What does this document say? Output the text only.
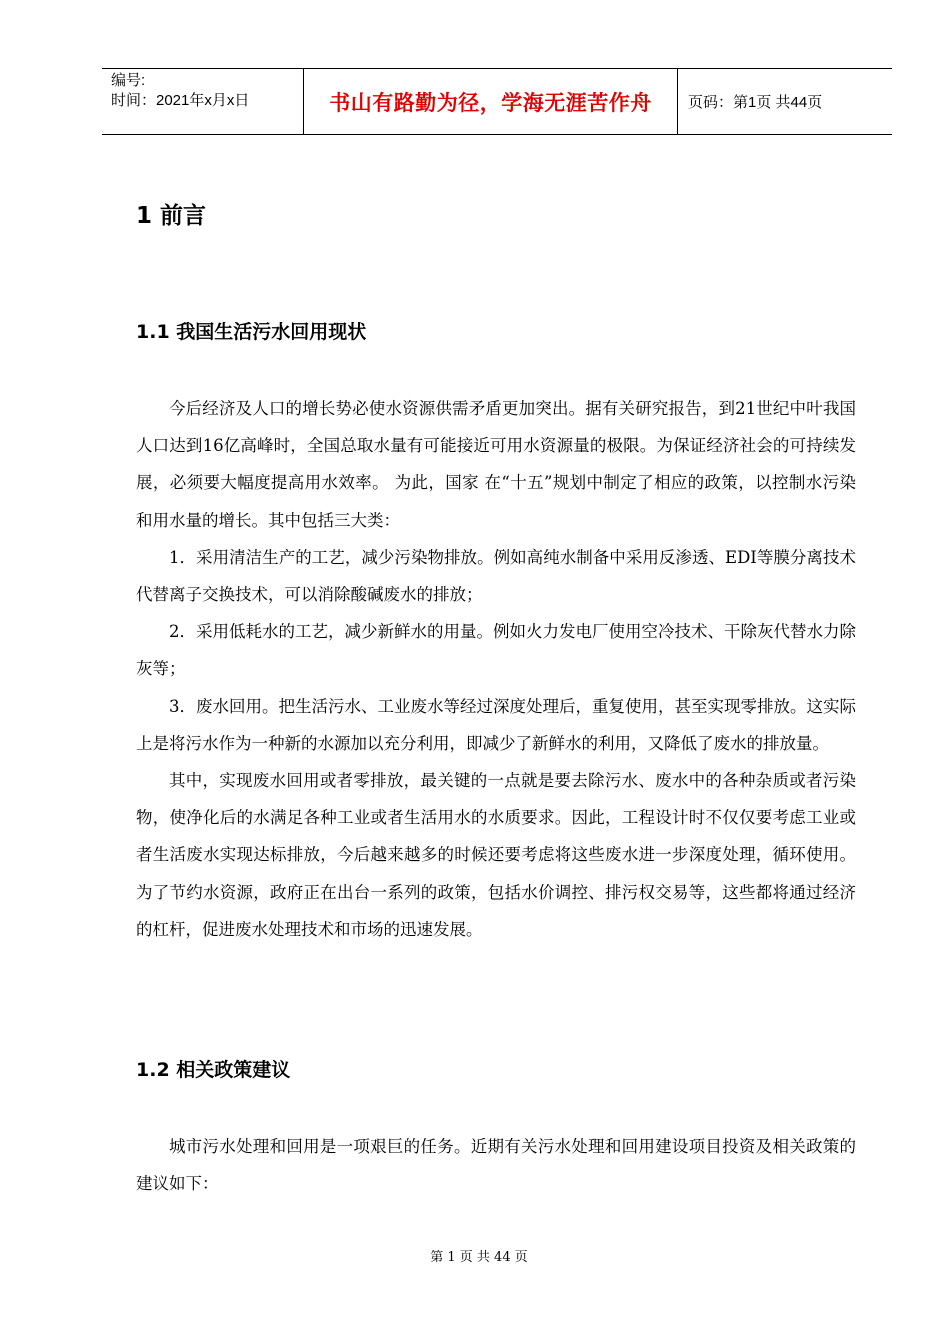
编号:
时间：2021年x月x日	书山有路勤为径，学海无涯苦作舟	页码：第1页 共44页
1 前言
1.1 我国生活污水回用现状

今后经济及人口的增长势必使水资源供需矛盾更加突出。据有关研究报告，到21世纪中叶我国人口达到16亿高峰时，全国总取水量有可能接近可用水资源量的极限。为保证经济社会的可持续发展，必须要大幅度提高用水效率。 为此，国家 在“十五”规划中制定了相应的政策，以控制水污染和用水量的增长。其中包括三大类：

1．采用清洁生产的工艺，减少污染物排放。例如高纯水制备中采用反渗透、EDI等膜分离技术代替离子交换技术，可以消除酸碱废水的排放；

2．采用低耗水的工艺，减少新鲜水的用量。例如火力发电厂使用空冷技术、干除灰代替水力除灰等；

3．废水回用。把生活污水、工业废水等经过深度处理后，重复使用，甚至实现零排放。这实际上是将污水作为一种新的水源加以充分利用，即减少了新鲜水的利用，又降低了废水的排放量。

其中，实现废水回用或者零排放，最关键的一点就是要去除污水、废水中的各种杂质或者污染物，使净化后的水满足各种工业或者生活用水的水质要求。因此，工程设计时不仅仅要考虑工业或者生活废水实现达标排放，今后越来越多的时候还要考虑将这些废水进一步深度处理，循环使用。为了节约水资源，政府正在出台一系列的政策，包括水价调控、排污权交易等，这些都将通过经济的杠杆，促进废水处理技术和市场的迅速发展。

1.2 相关政策建议

城市污水处理和回用是一项艰巨的任务。近期有关污水处理和回用建设项目投资及相关政策的建议如下：

第 1 页 共 44 页
